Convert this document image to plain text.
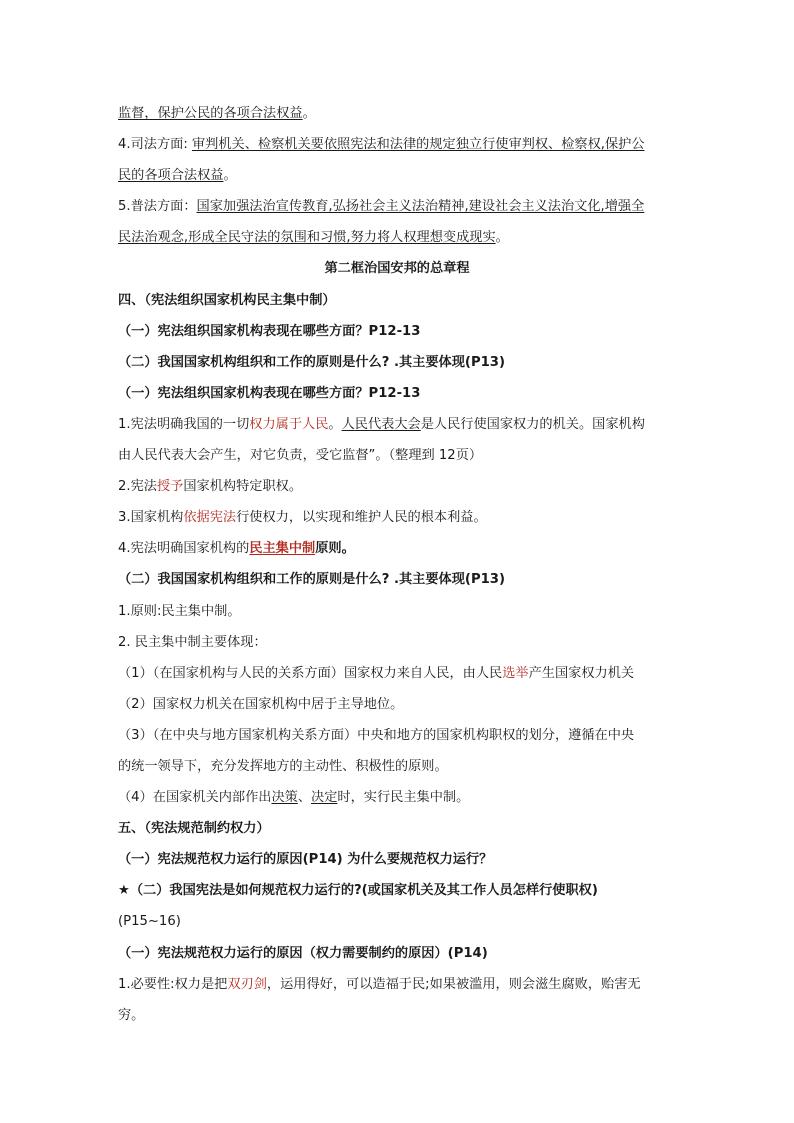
监督，保护公民的各项合法权益。
4.司法方面: 审判机关、检察机关要依照宪法和法律的规定独立行使审判权、检察权,保护公
民的各项合法权益。
5.普法方面：国家加强法治宣传教育,弘扬社会主义法治精神,建设社会主义法治文化,增强全
民法治观念,形成全民守法的氛围和习惯,努力将人权理想变成现实。
第二框治国安邦的总章程
四、（宪法组织国家机构民主集中制）
（一）宪法组织国家机构表现在哪些方面？P12-13
（二）我国国家机构组织和工作的原则是什么? .其主要体现(P13)
（一）宪法组织国家机构表现在哪些方面？P12-13
1.宪法明确我国的一切权力属于人民。人民代表大会是人民行使国家权力的机关。国家机构
由人民代表大会产生，对它负责，受它监督”。（整理到 12页）
2.宪法授予国家机构特定职权。
3.国家机构依据宪法行使权力，以实现和维护人民的根本利益。
4.宪法明确国家机构的民主集中制原则。
（二）我国国家机构组织和工作的原则是什么? .其主要体现(P13)
1.原则:民主集中制。
2. 民主集中制主要体现：
（1）（在国家机构与人民的关系方面）国家权力来自人民，由人民选举产生国家权力机关
（2）国家权力机关在国家机构中居于主导地位。
（3）（在中央与地方国家机构关系方面）中央和地方的国家机构职权的划分，遵循在中央
的统一领导下，充分发挥地方的主动性、积极性的原则。
（4）在国家机关内部作出决策、决定时，实行民主集中制。
五、（宪法规范制约权力）
（一）宪法规范权力运行的原因(P14) 为什么要规范权力运行？
★（二）我国宪法是如何规范权力运行的?(或国家机关及其工作人员怎样行使职权)
(P15~16)
（一）宪法规范权力运行的原因（权力需要制约的原因）(P14)
1.必要性:权力是把双刃剑，运用得好，可以造福于民;如果被滥用，则会滋生腐败，贻害无
穷。
